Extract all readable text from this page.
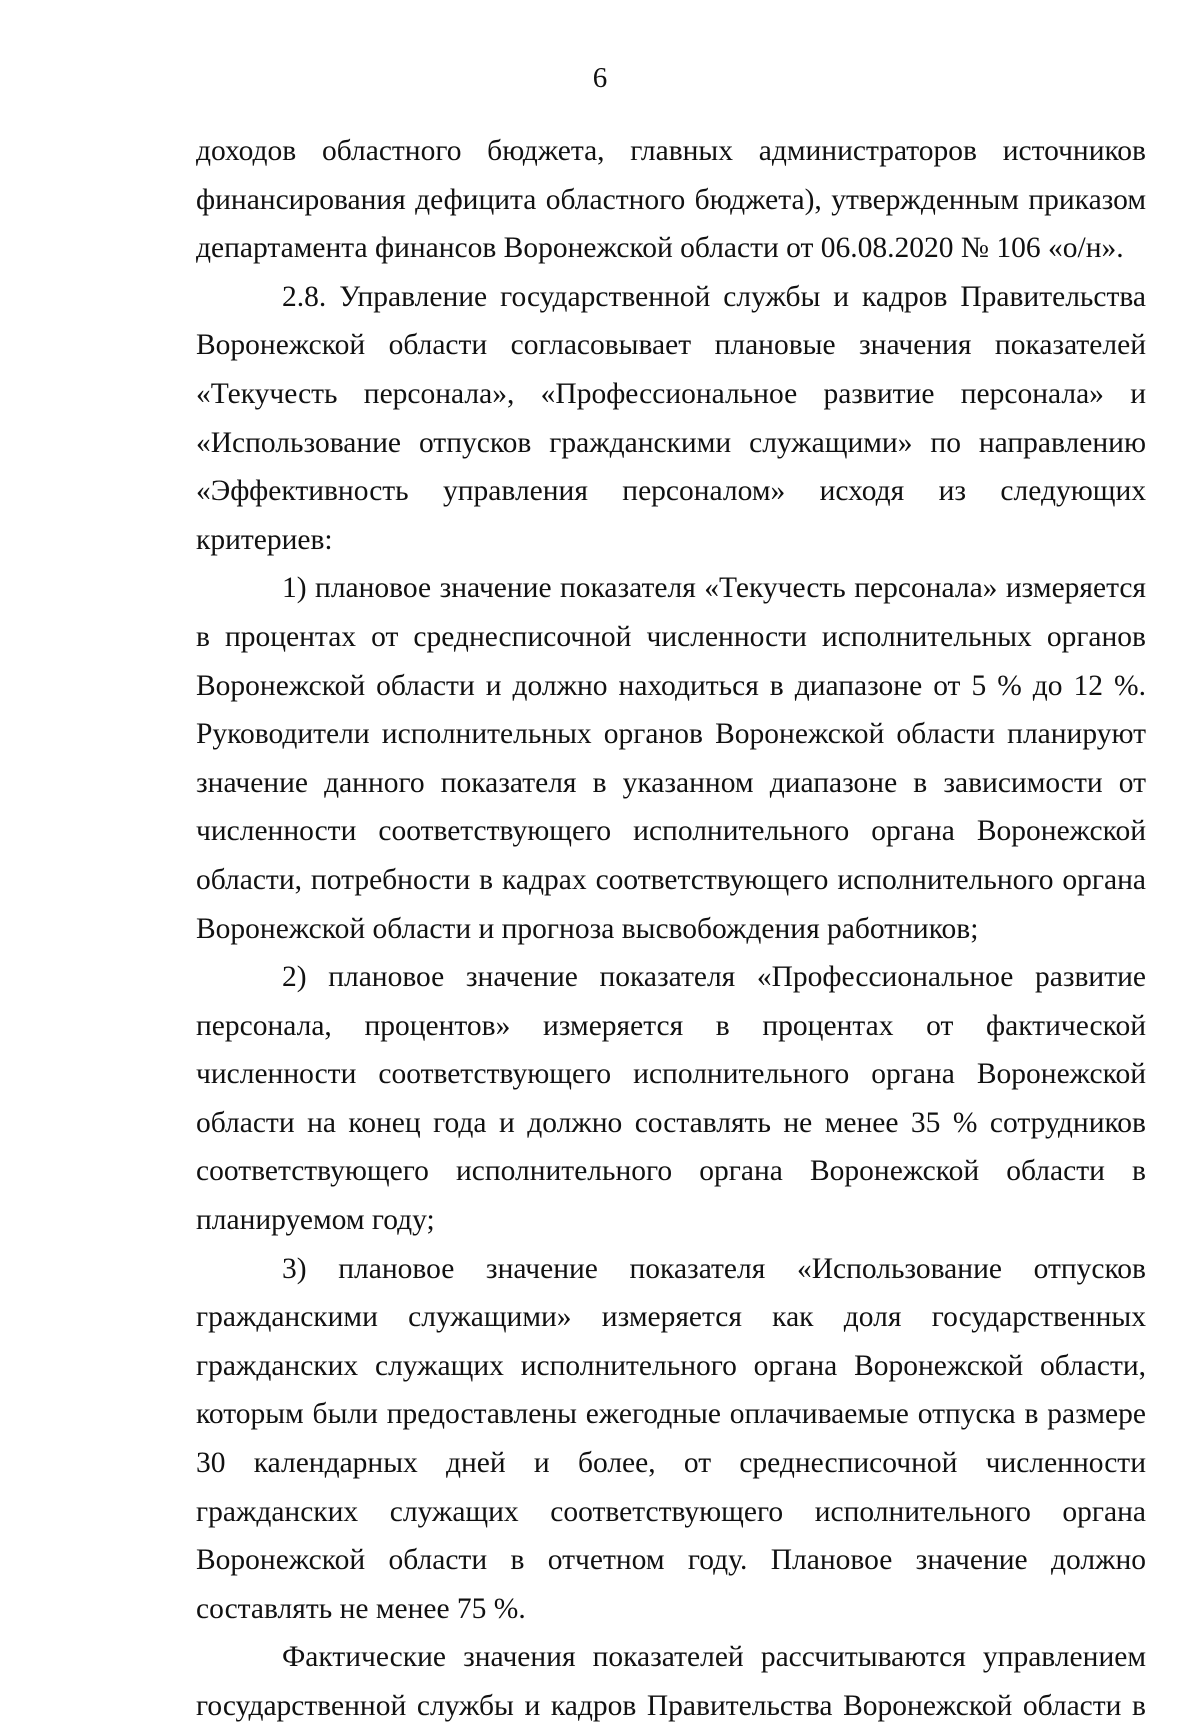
6

доходов областного бюджета, главных администраторов источников финансирования дефицита областного бюджета), утвержденным приказом департамента финансов Воронежской области от 06.08.2020 № 106 «о/н».

2.8. Управление государственной службы и кадров Правительства Воронежской области согласовывает плановые значения показателей «Текучесть персонала», «Профессиональное развитие персонала» и «Использование отпусков гражданскими служащими» по направлению «Эффективность управления персоналом» исходя из следующих критериев:

1) плановое значение показателя «Текучесть персонала» измеряется в процентах от среднесписочной численности исполнительных органов Воронежской области и должно находиться в диапазоне от 5 % до 12 %. Руководители исполнительных органов Воронежской области планируют значение данного показателя в указанном диапазоне в зависимости от численности соответствующего исполнительного органа Воронежской области, потребности в кадрах соответствующего исполнительного органа Воронежской области и прогноза высвобождения работников;

2) плановое значение показателя «Профессиональное развитие персонала, процентов» измеряется в процентах от фактической численности соответствующего исполнительного органа Воронежской области на конец года и должно составлять не менее 35 % сотрудников соответствующего исполнительного органа Воронежской области в планируемом году;

3) плановое значение показателя «Использование отпусков гражданскими служащими» измеряется как доля государственных гражданских служащих исполнительного органа Воронежской области, которым были предоставлены ежегодные оплачиваемые отпуска в размере 30 календарных дней и более, от среднесписочной численности гражданских служащих соответствующего исполнительного органа Воронежской области в отчетном году. Плановое значение должно составлять не менее 75 %.

Фактические значения показателей рассчитываются управлением государственной службы и кадров Правительства Воронежской области в
